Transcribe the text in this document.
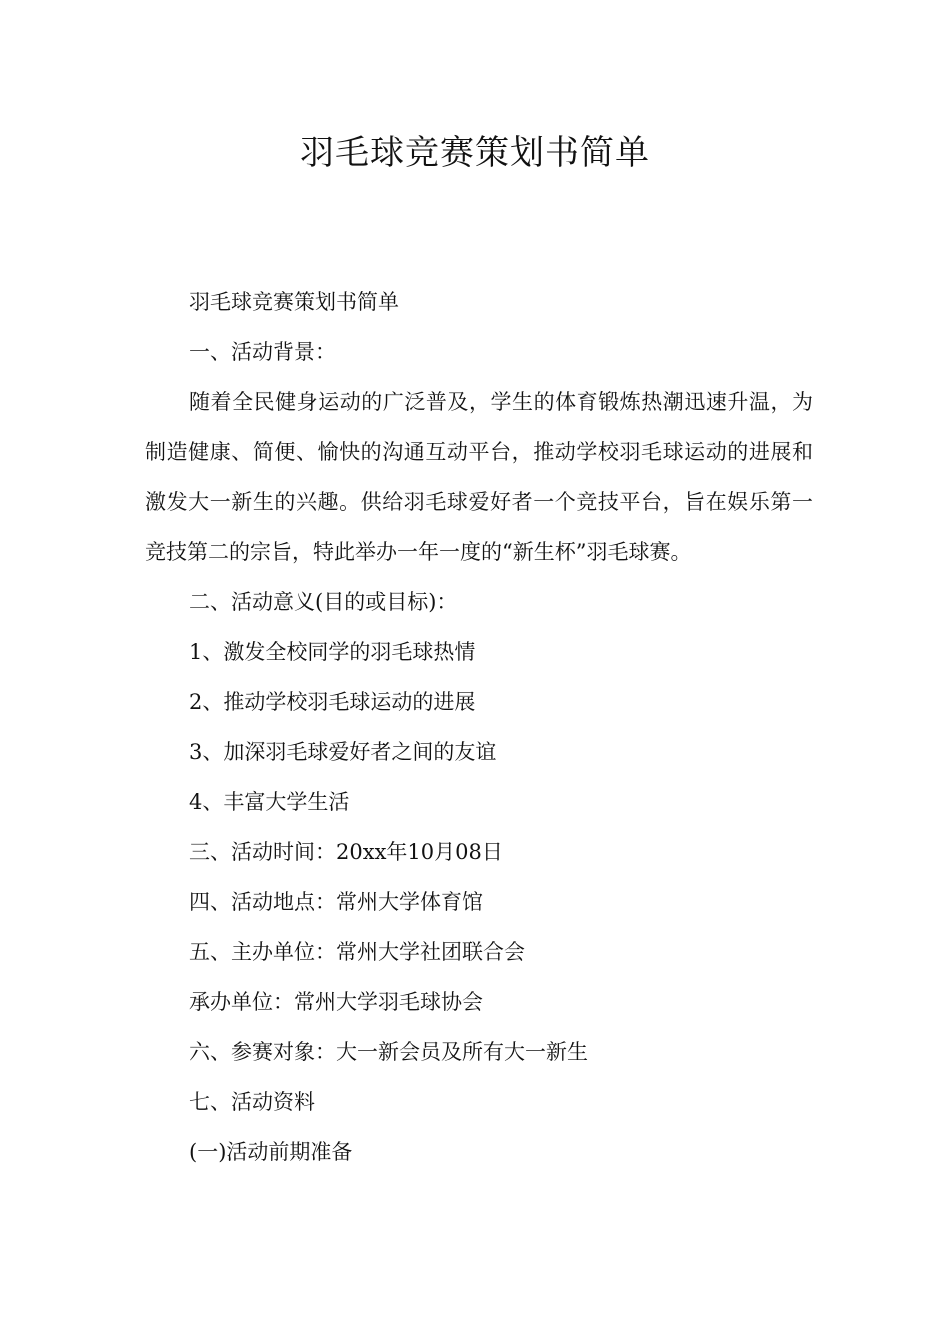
羽毛球竞赛策划书简单

羽毛球竞赛策划书简单

一、活动背景：

随着全民健身运动的广泛普及，学生的体育锻炼热潮迅速升温，为制造健康、简便、愉快的沟通互动平台，推动学校羽毛球运动的进展和激发大一新生的兴趣。供给羽毛球爱好者一个竞技平台，旨在娱乐第一竞技第二的宗旨，特此举办一年一度的“新生杯”羽毛球赛。

二、活动意义(目的或目标)：

1、激发全校同学的羽毛球热情

2、推动学校羽毛球运动的进展

3、加深羽毛球爱好者之间的友谊

4、丰富大学生活

三、活动时间：20xx年10月08日

四、活动地点：常州大学体育馆

五、主办单位：常州大学社团联合会

承办单位：常州大学羽毛球协会

六、参赛对象：大一新会员及所有大一新生

七、活动资料

(一)活动前期准备
